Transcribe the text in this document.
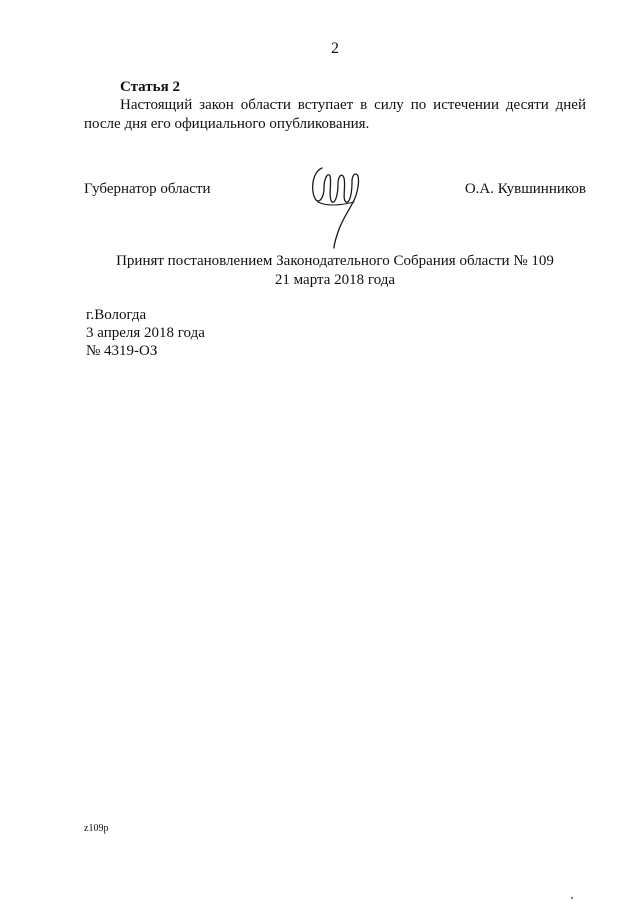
2
Статья 2

Настоящий закон области вступает в силу по истечении десяти дней после дня его официального опубликования.

Губернатор области	О.А. Кувшинников
Принят постановлением Законодательного Собрания области № 109
21 марта 2018 года
г.Вологда
3 апреля 2018 года
№ 4319-ОЗ
z109p
